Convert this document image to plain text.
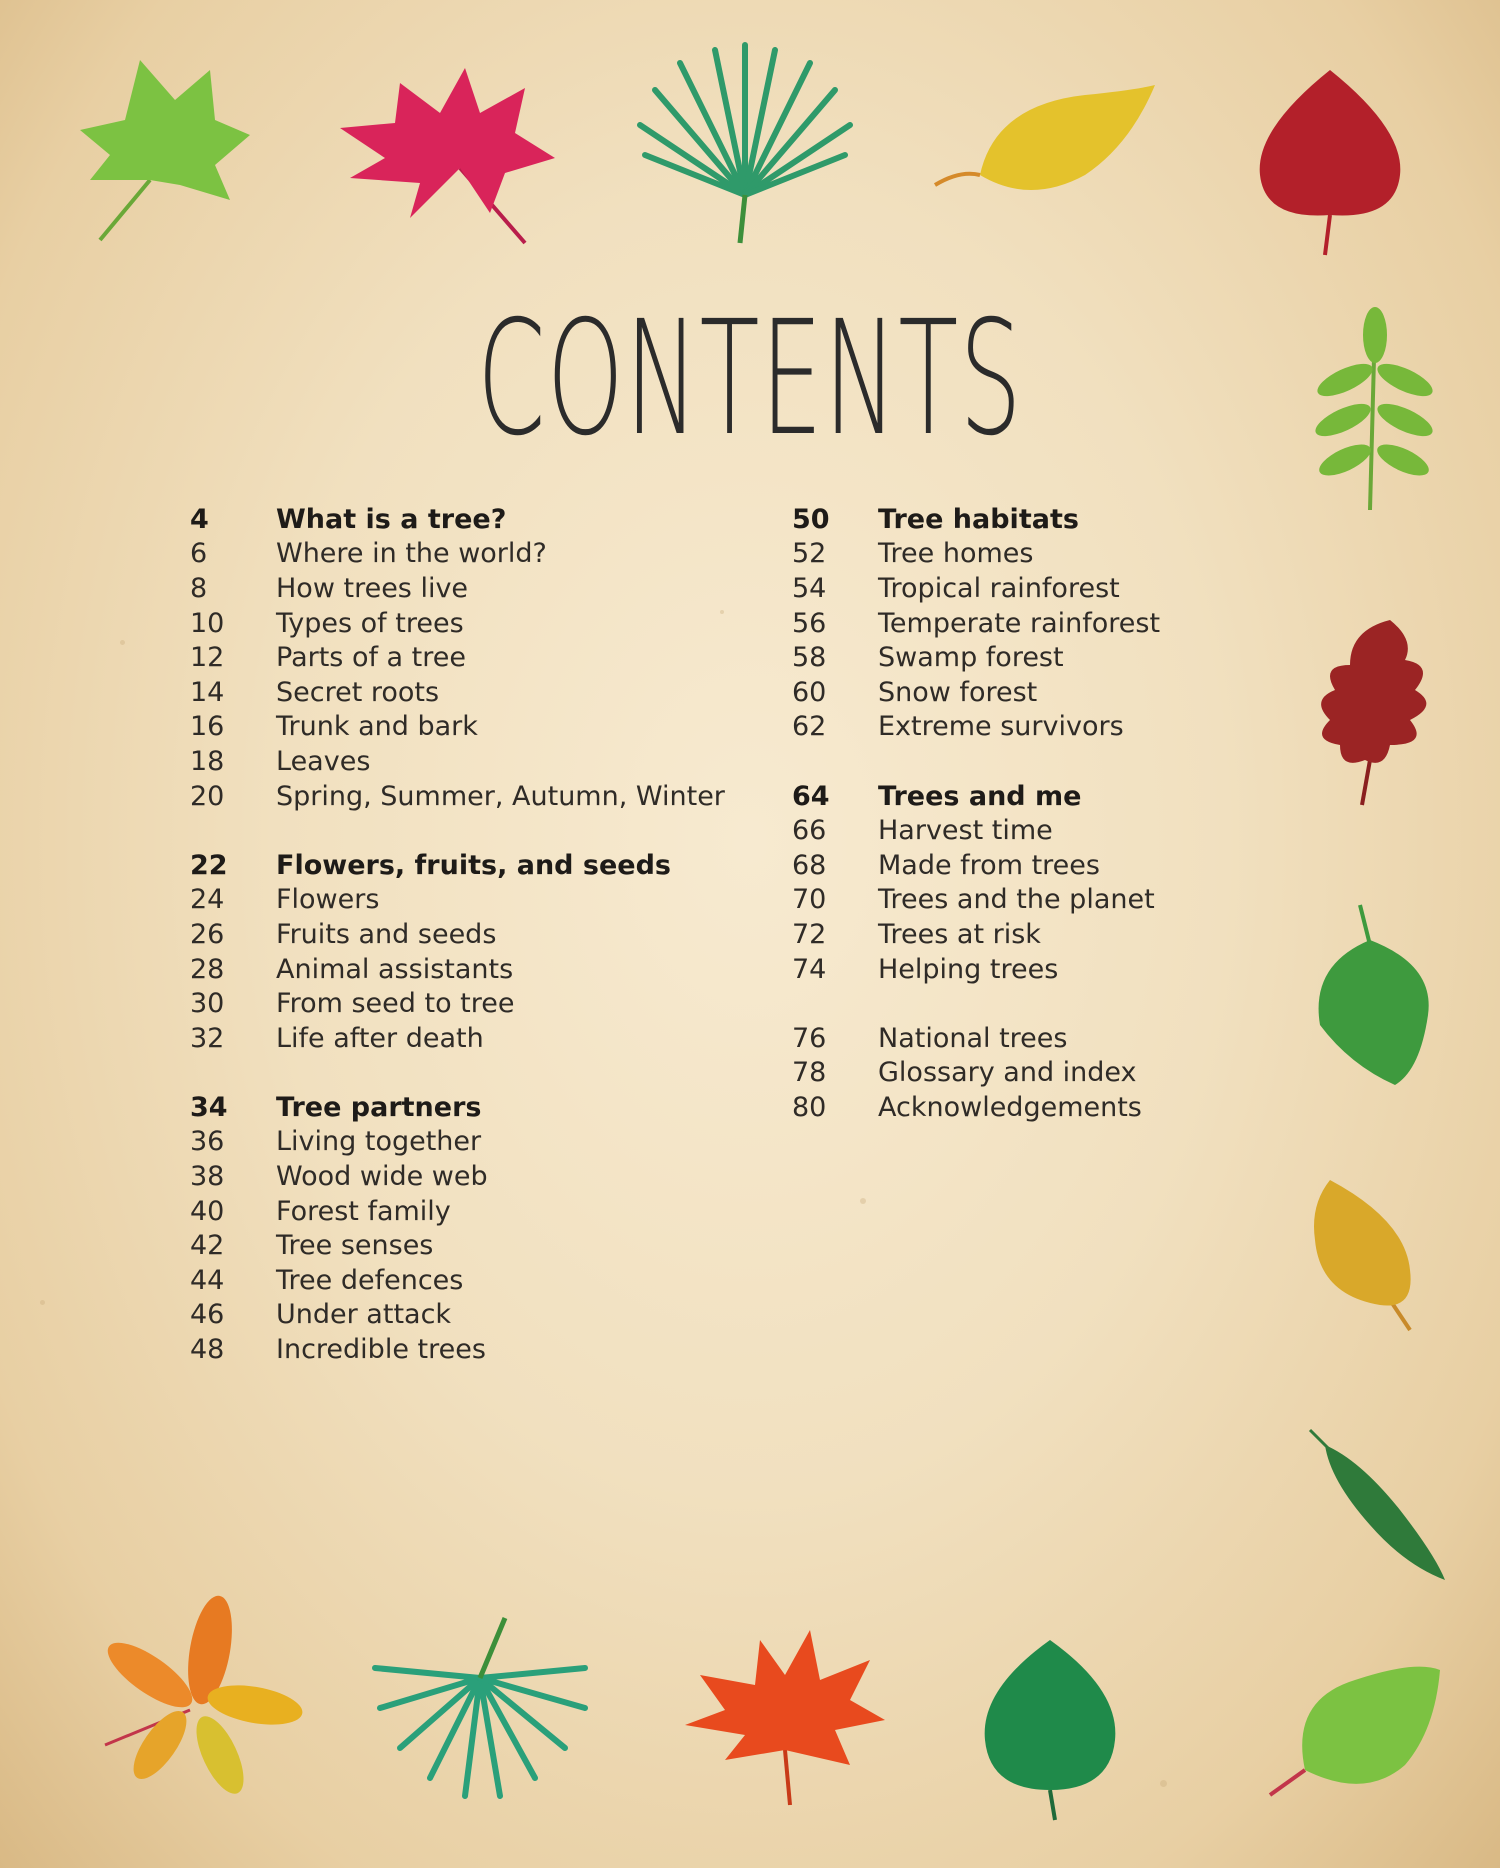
CONTENTS
4	What is a tree?
6	Where in the world?
8	How trees live
10	Types of trees
12	Parts of a tree
14	Secret roots
16	Trunk and bark
18	Leaves
20	Spring, Summer, Autumn, Winter
22	Flowers, fruits, and seeds
24	Flowers
26	Fruits and seeds
28	Animal assistants
30	From seed to tree
32	Life after death
34	Tree partners
36	Living together
38	Wood wide web
40	Forest family
42	Tree senses
44	Tree defences
46	Under attack
48	Incredible trees
50	Tree habitats
52	Tree homes
54	Tropical rainforest
56	Temperate rainforest
58	Swamp forest
60	Snow forest
62	Extreme survivors
64	Trees and me
66	Harvest time
68	Made from trees
70	Trees and the planet
72	Trees at risk
74	Helping trees
76	National trees
78	Glossary and index
80	Acknowledgements
